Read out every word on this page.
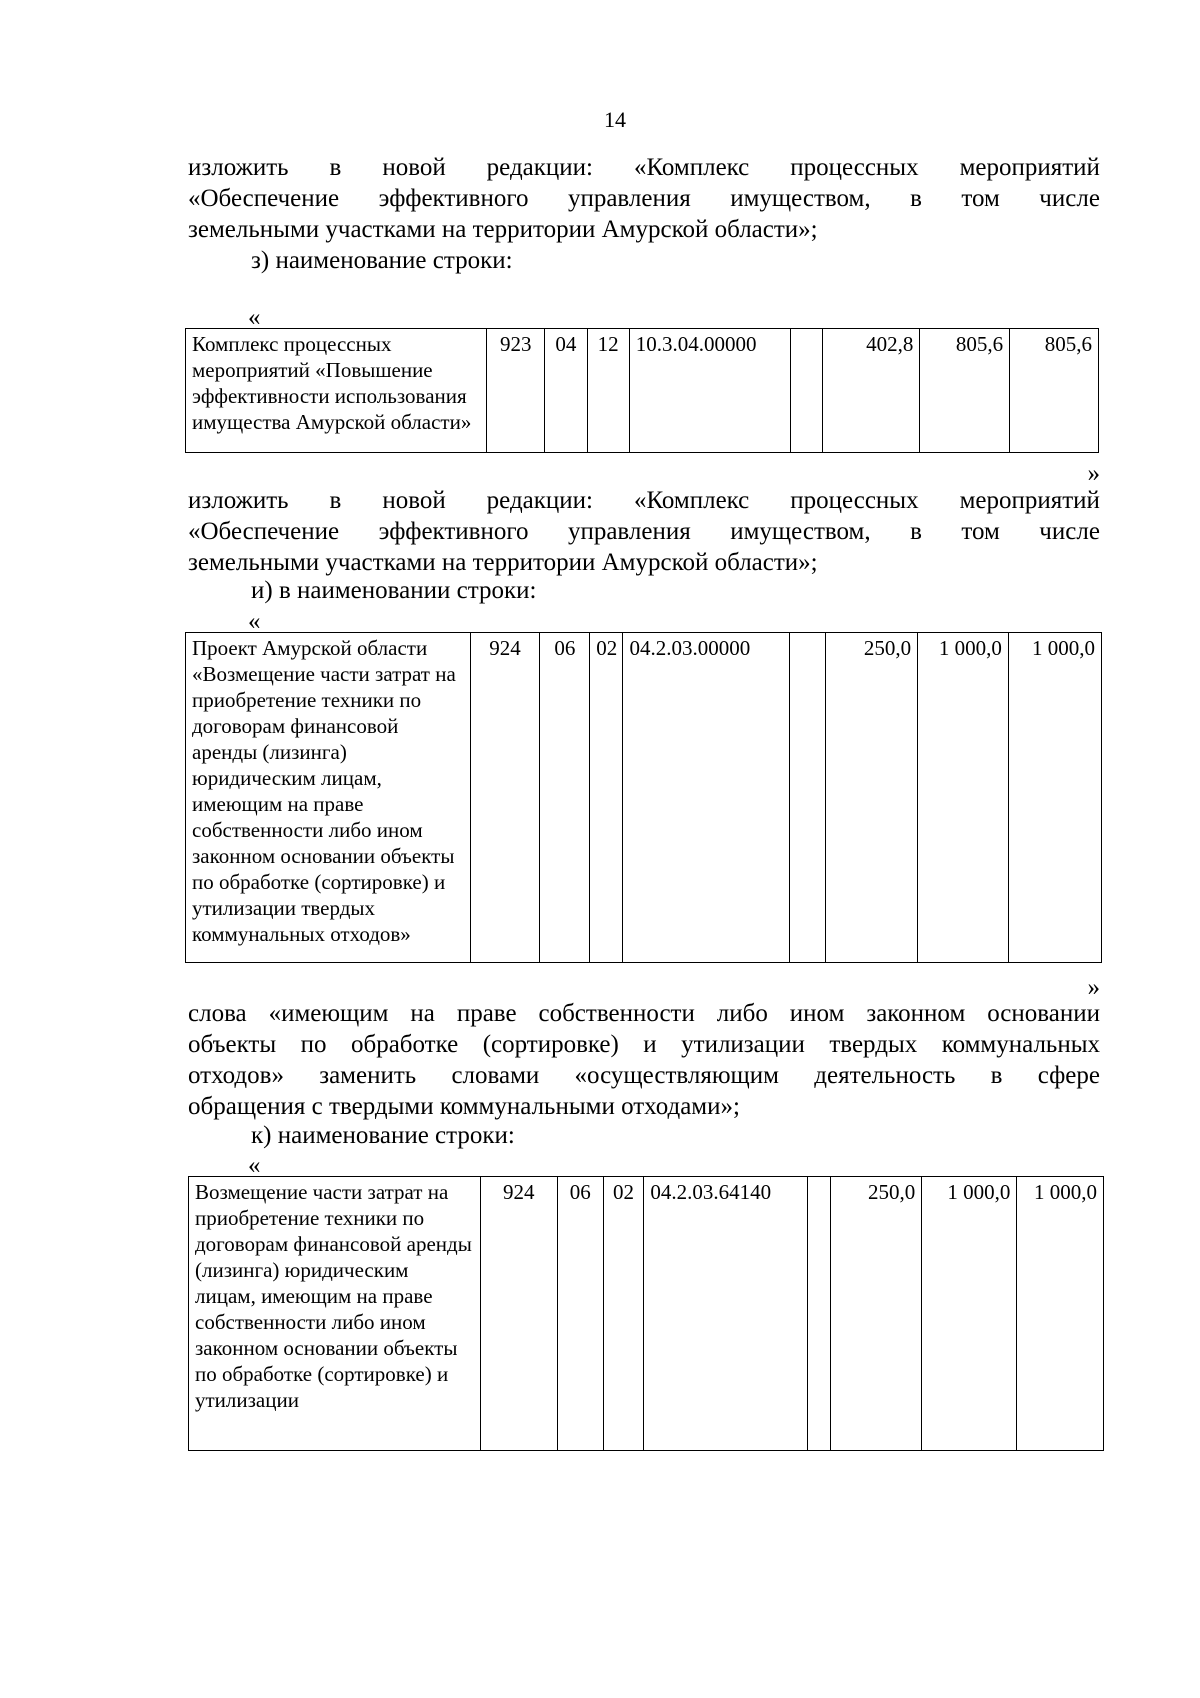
14
изложить в новой редакции: «Комплекс процессных мероприятий
«Обеспечение эффективного управления имуществом, в том числе
земельными участками на территории Амурской области»;
з) наименование строки:
«
Комплекс процессных мероприятий «Повышение эффективности использования имущества Амурской области»	923	04	12	10.3.04.00000		402,8	805,6	805,6
»
изложить в новой редакции: «Комплекс процессных мероприятий
«Обеспечение эффективного управления имуществом, в том числе
земельными участками на территории Амурской области»;
и) в наименовании строки:
«
Проект Амурской области «Возмещение части затрат на приобретение техники по договорам финансовой аренды (лизинга) юридическим лицам, имеющим на праве собственности либо ином законном основании объекты по обработке (сортировке) и утилизации твердых коммунальных отходов»	924	06	02	04.2.03.00000		250,0	1 000,0	1 000,0
»
слова «имеющим на праве собственности либо ином законном основании
объекты по обработке (сортировке) и утилизации твердых коммунальных
отходов» заменить словами «осуществляющим деятельность в сфере
обращения с твердыми коммунальными отходами»;
к) наименование строки:
«
Возмещение части затрат на приобретение техники по договорам финансовой аренды (лизинга) юридическим лицам, имеющим на праве собственности либо ином законном основании объекты по обработке (сортировке) и утилизации	924	06	02	04.2.03.64140		250,0	1 000,0	1 000,0
